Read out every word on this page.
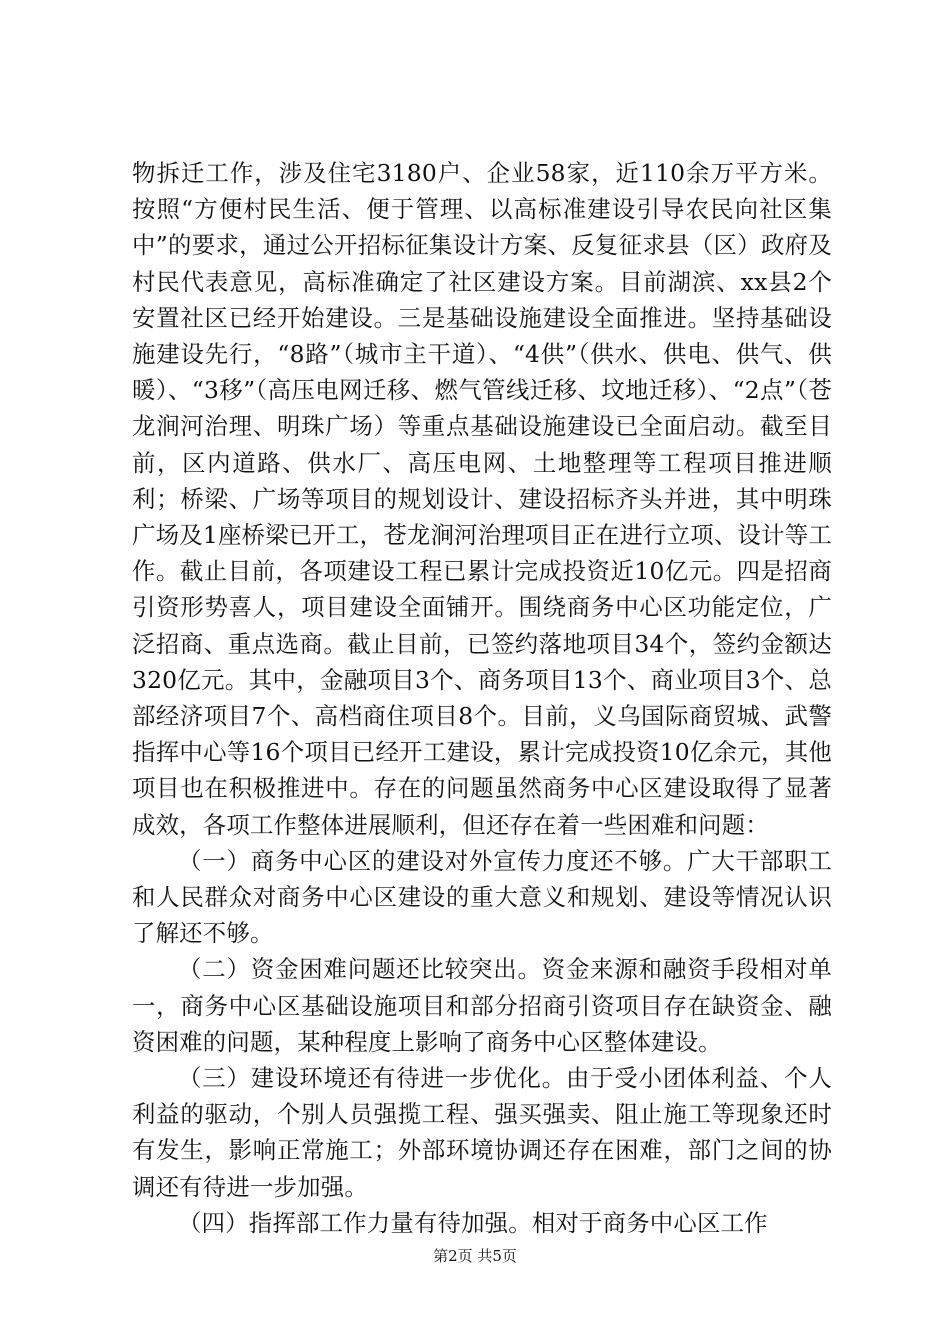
物拆迁工作，涉及住宅3180户、企业58家，近110余万平方米。按照“方便村民生活、便于管理、以高标准建设引导农民向社区集中”的要求，通过公开招标征集设计方案、反复征求县（区）政府及村民代表意见，高标准确定了社区建设方案。目前湖滨、xx县2个安置社区已经开始建设。三是基础设施建设全面推进。坚持基础设施建设先行，“8路”（城市主干道）、“4供”（供水、供电、供气、供暖）、“3移”（高压电网迁移、燃气管线迁移、坟地迁移）、“2点”（苍龙涧河治理、明珠广场）等重点基础设施建设已全面启动。截至目前，区内道路、供水厂、高压电网、土地整理等工程项目推进顺利；桥梁、广场等项目的规划设计、建设招标齐头并进，其中明珠广场及1座桥梁已开工，苍龙涧河治理项目正在进行立项、设计等工作。截止目前，各项建设工程已累计完成投资近10亿元。四是招商引资形势喜人，项目建设全面铺开。围绕商务中心区功能定位，广泛招商、重点选商。截止目前，已签约落地项目34个，签约金额达320亿元。其中，金融项目3个、商务项目13个、商业项目3个、总部经济项目7个、高档商住项目8个。目前，义乌国际商贸城、武警指挥中心等16个项目已经开工建设，累计完成投资10亿余元，其他项目也在积极推进中。存在的问题虽然商务中心区建设取得了显著成效，各项工作整体进展顺利，但还存在着一些困难和问题：

（一）商务中心区的建设对外宣传力度还不够。广大干部职工和人民群众对商务中心区建设的重大意义和规划、建设等情况认识了解还不够。

（二）资金困难问题还比较突出。资金来源和融资手段相对单一，商务中心区基础设施项目和部分招商引资项目存在缺资金、融资困难的问题，某种程度上影响了商务中心区整体建设。

（三）建设环境还有待进一步优化。由于受小团体利益、个人利益的驱动，个别人员强揽工程、强买强卖、阻止施工等现象还时有发生，影响正常施工；外部环境协调还存在困难，部门之间的协调还有待进一步加强。

（四）指挥部工作力量有待加强。相对于商务中心区工作

第2页 共5页
